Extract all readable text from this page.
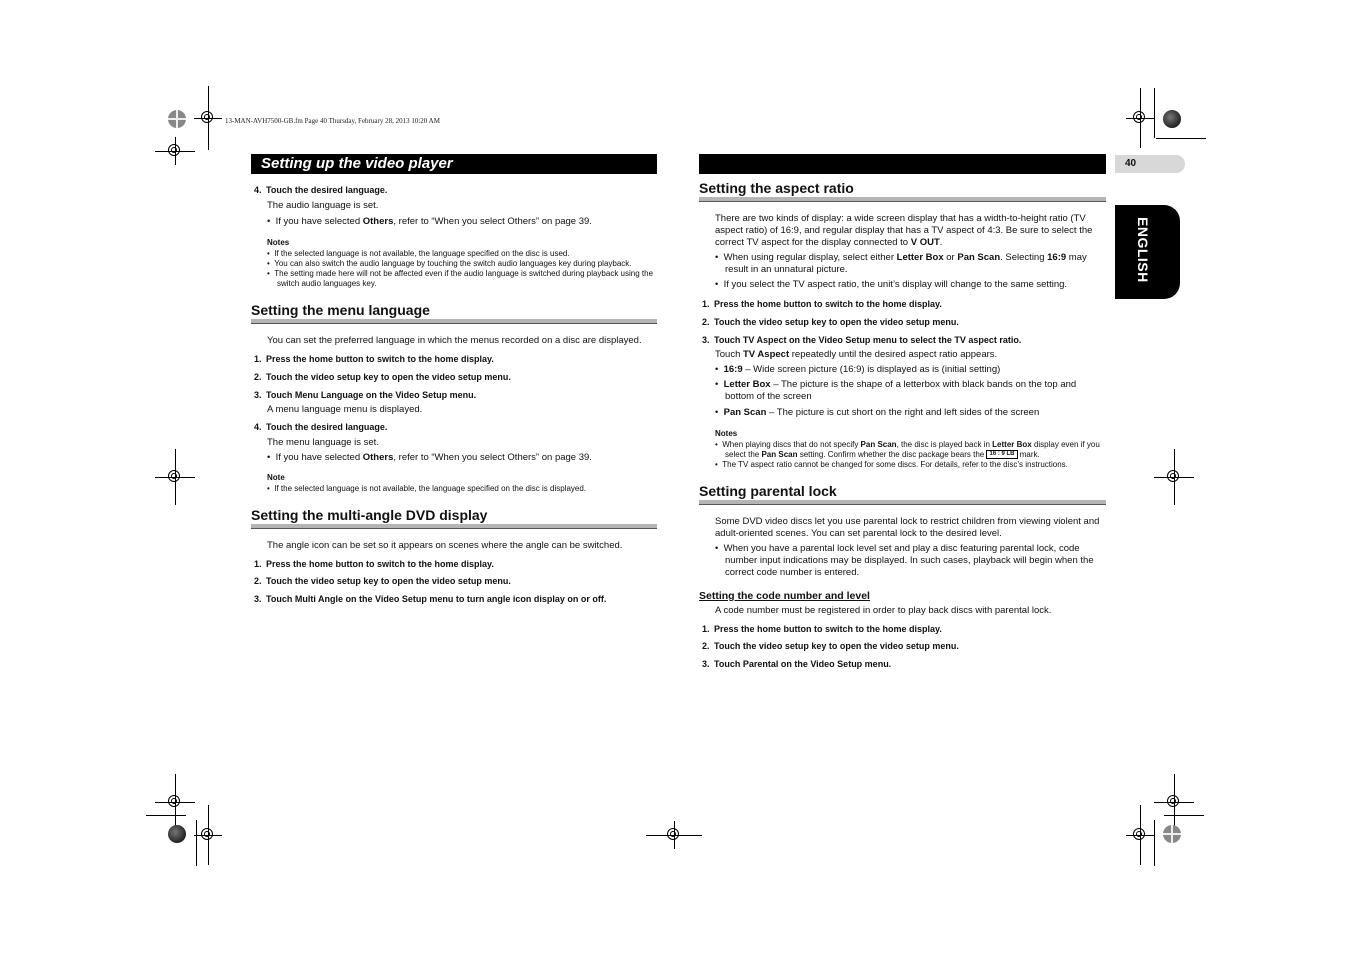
13-MAN-AVH7500-GB.fm Page 40 Thursday, February 28, 2013 10:20 AM
Setting up the video player	40
ENGLISH

4. Touch the desired language.

The audio language is set.

•  If you have selected Others, refer to “When you select Others” on page 39.

Notes

•  If the selected language is not available, the language specified on the disc is used.

•  You can also switch the audio language by touching the switch audio languages key during playback.

•  The setting made here will not be affected even if the audio language is switched during playback using the switch audio languages key.

Setting the menu language

You can set the preferred language in which the menus recorded on a disc are displayed.

1. Press the home button to switch to the home display.

2. Touch the video setup key to open the video setup menu.

3. Touch Menu Language on the Video Setup menu.

A menu language menu is displayed.

4. Touch the desired language.

The menu language is set.

•  If you have selected Others, refer to “When you select Others” on page 39.

Note

•  If the selected language is not available, the language specified on the disc is displayed.

Setting the multi-angle DVD display

The angle icon can be set so it appears on scenes where the angle can be switched.

1. Press the home button to switch to the home display.

2. Touch the video setup key to open the video setup menu.

3. Touch Multi Angle on the Video Setup menu to turn angle icon display on or off.

Setting the aspect ratio

There are two kinds of display: a wide screen display that has a width-to-height ratio (TV aspect ratio) of 16:9, and regular display that has a TV aspect of 4:3. Be sure to select the correct TV aspect for the display connected to V OUT.

•  When using regular display, select either Letter Box or Pan Scan. Selecting 16:9 may result in an unnatural picture.

•  If you select the TV aspect ratio, the unit’s display will change to the same setting.

1. Press the home button to switch to the home display.

2. Touch the video setup key to open the video setup menu.

3. Touch TV Aspect on the Video Setup menu to select the TV aspect ratio.

Touch TV Aspect repeatedly until the desired aspect ratio appears.

•  16:9 – Wide screen picture (16:9) is displayed as is (initial setting)

•  Letter Box – The picture is the shape of a letterbox with black bands on the top and bottom of the screen

•  Pan Scan – The picture is cut short on the right and left sides of the screen

Notes

•  When playing discs that do not specify Pan Scan, the disc is played back in Letter Box display even if you select the Pan Scan setting. Confirm whether the disc package bears the 16 : 9 LB mark.

•  The TV aspect ratio cannot be changed for some discs. For details, refer to the disc’s instructions.

Setting parental lock

Some DVD video discs let you use parental lock to restrict children from viewing violent and adult-oriented scenes. You can set parental lock to the desired level.

•  When you have a parental lock level set and play a disc featuring parental lock, code number input indications may be displayed. In such cases, playback will begin when the correct code number is entered.

Setting the code number and level

A code number must be registered in order to play back discs with parental lock.

1. Press the home button to switch to the home display.

2. Touch the video setup key to open the video setup menu.

3. Touch Parental on the Video Setup menu.
